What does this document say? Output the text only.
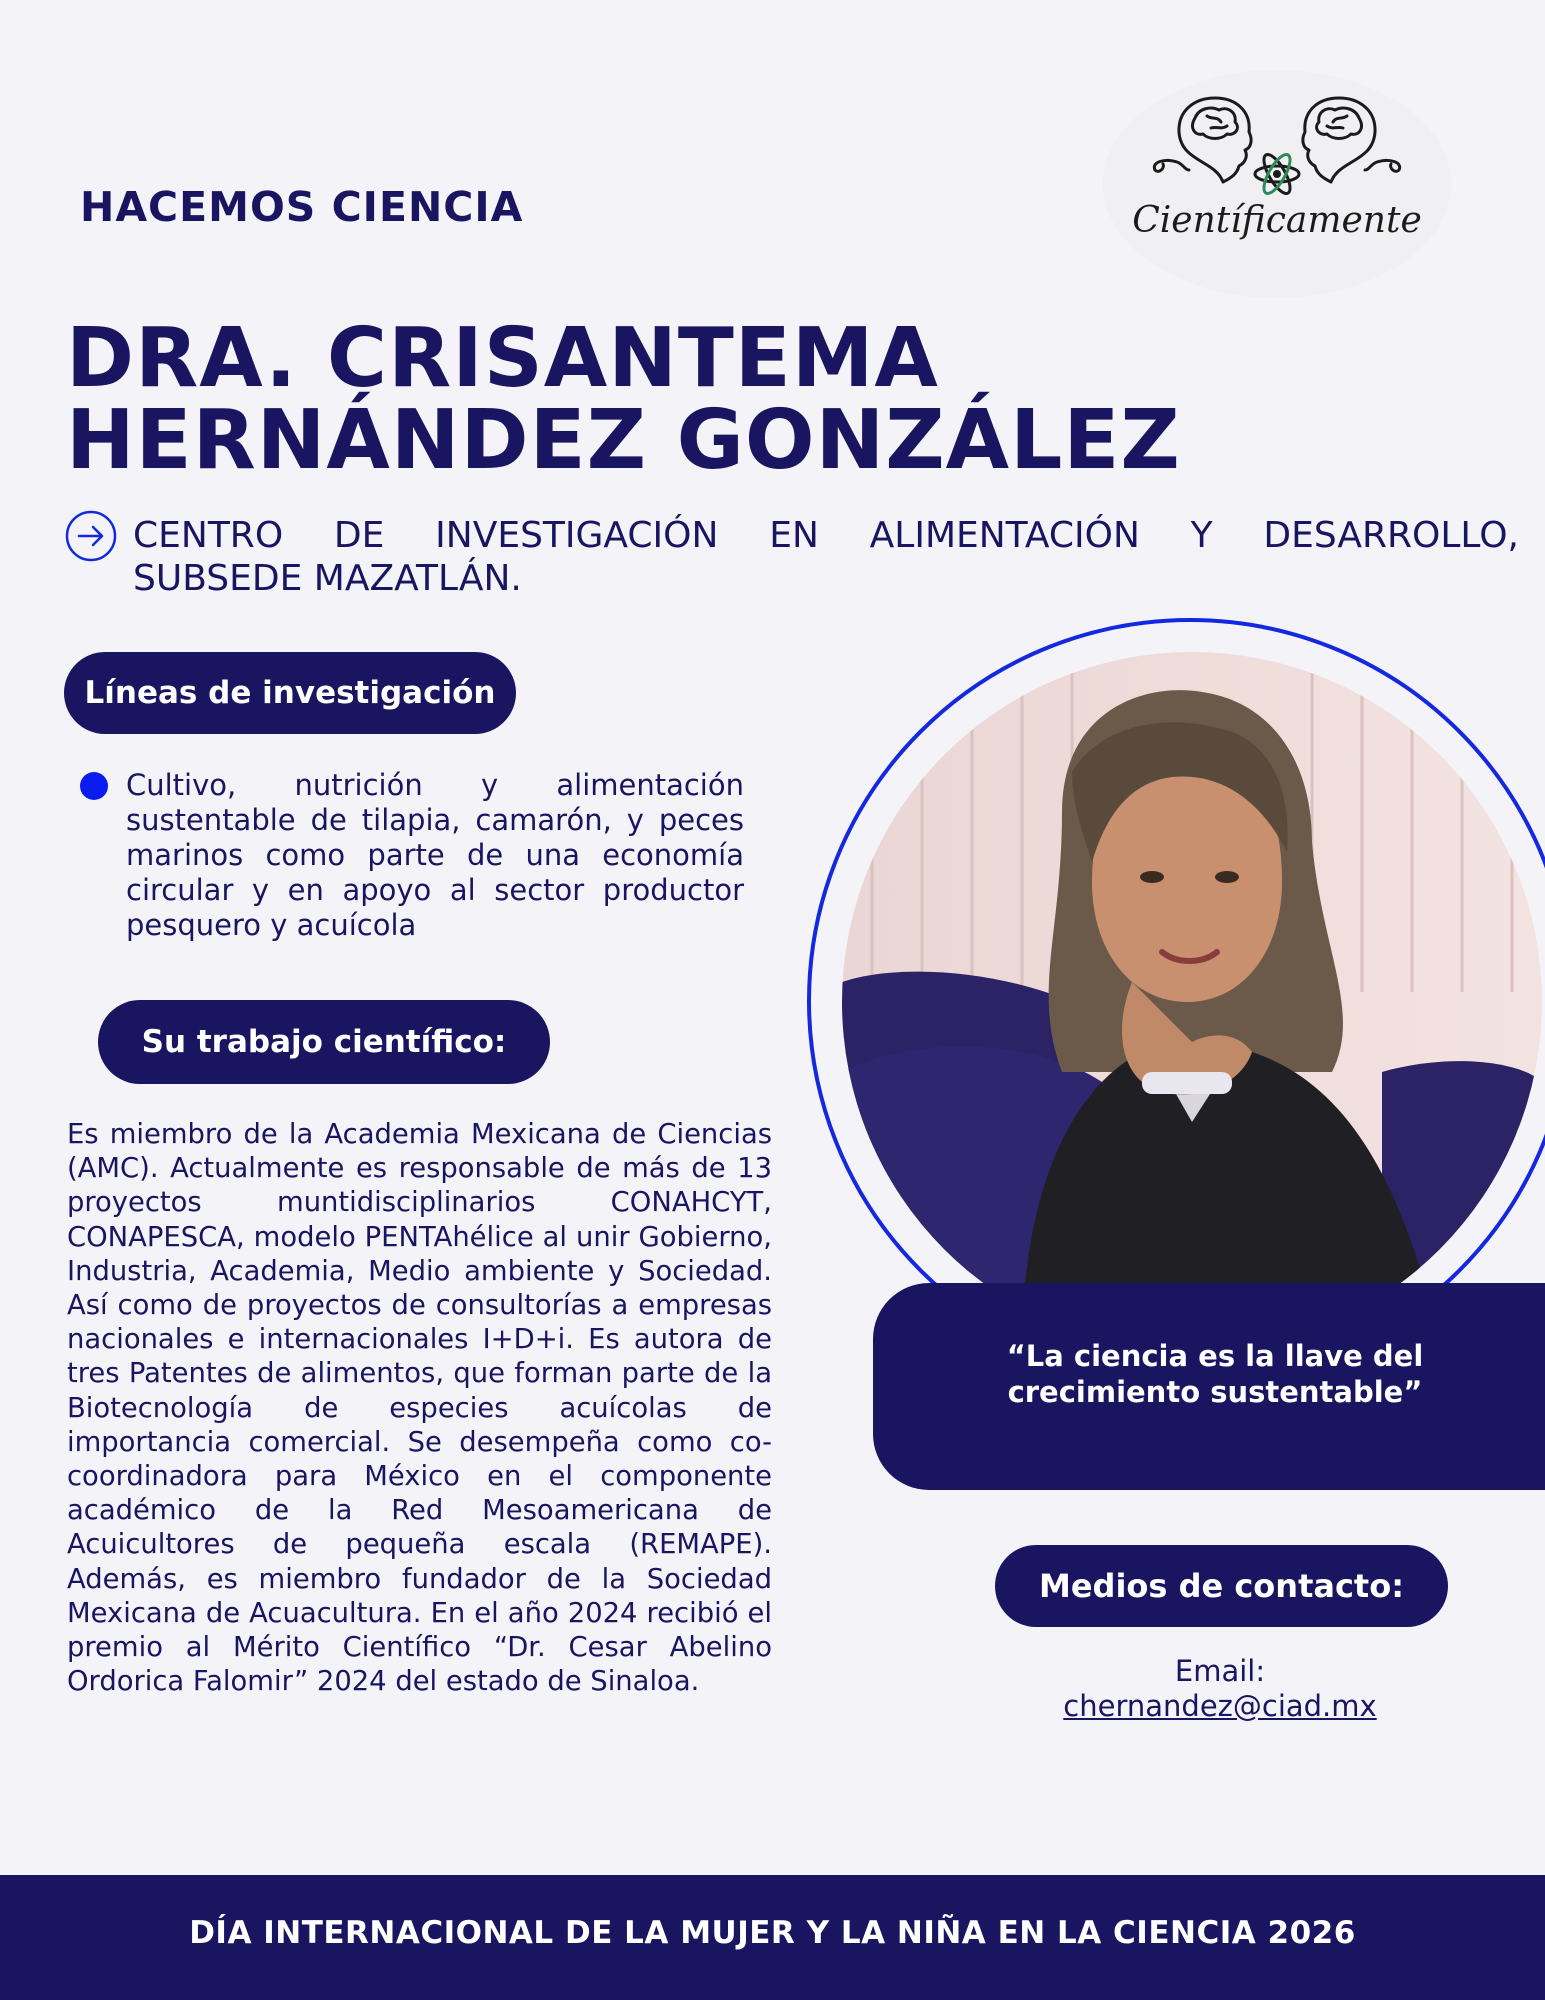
HACEMOS CIENCIA	Científicamente
DRA. CRISANTEMA
HERNÁNDEZ GONZÁLEZ
CENTRO DE INVESTIGACIÓN EN ALIMENTACIÓN Y DESARROLLO,
SUBSEDE MAZATLÁN.
Líneas de investigación
Cultivo, nutrición y alimentación sustentable de tilapia, camarón, y peces marinos como parte de una economía circular y en apoyo al sector productor pesquero y acuícola
Su trabajo científico:
Es miembro de la Academia Mexicana de Ciencias (AMC). Actualmente es responsable de más de 13 proyectos muntidisciplinarios CONAHCYT, CONAPESCA, modelo PENTAhélice al unir Gobierno, Industria, Academia, Medio ambiente y Sociedad. Así como de proyectos de consultorías a empresas nacionales e internacionales I+D+i. Es autora de tres Patentes de alimentos, que forman parte de la Biotecnología de especies acuícolas de importancia comercial. Se desempeña como co-coordinadora para México en el componente académico de la Red Mesoamericana de Acuicultores de pequeña escala (REMAPE). Además, es miembro fundador de la Sociedad Mexicana de Acuacultura. En el año 2024 recibió el premio al Mérito Científico “Dr. Cesar Abelino Ordorica Falomir” 2024 del estado de Sinaloa.
“La ciencia es la llave del crecimiento sustentable”
Medios de contacto:
Email:
chernandez@ciad.mx
DÍA INTERNACIONAL DE LA MUJER Y LA NIÑA EN LA CIENCIA 2026
